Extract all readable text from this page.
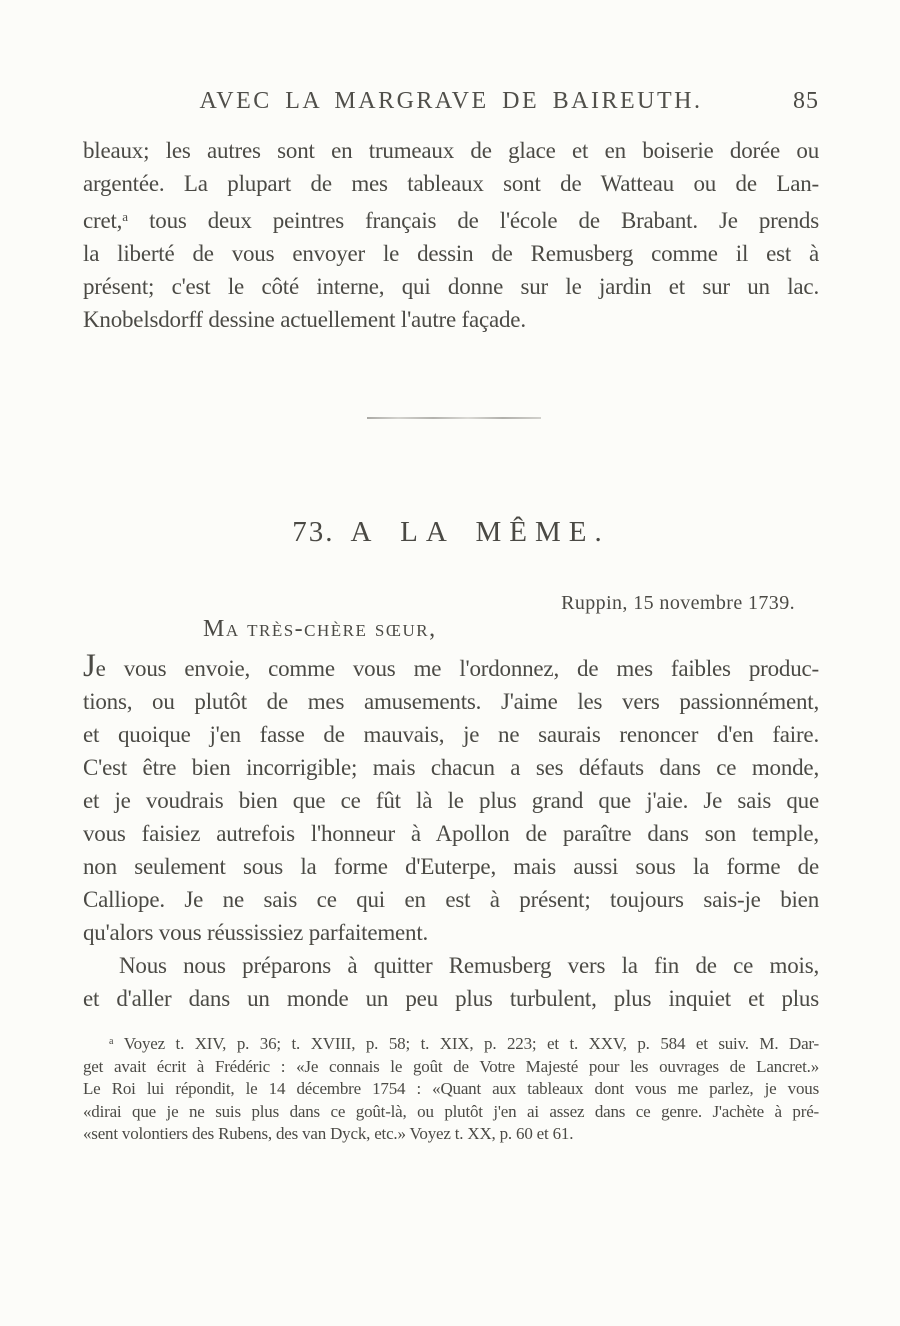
AVEC LA MARGRAVE DE BAIREUTH.	85
bleaux; les autres sont en trumeaux de glace et en boiserie dorée ou
argentée. La plupart de mes tableaux sont de Watteau ou de Lan-
cret,$^a$ tous deux peintres français de l'école de Brabant. Je prends
la liberté de vous envoyer le dessin de Remusberg comme il est à
présent; c'est le côté interne, qui donne sur le jardin et sur un lac.
Knobelsdorff dessine actuellement l'autre façade.
73. A LA MÊME.
Ruppin, 15 novembre 1739.
Ma très-chère sœur,
Je vous envoie, comme vous me l'ordonnez, de mes faibles produc-
tions, ou plutôt de mes amusements. J'aime les vers passionnément,
et quoique j'en fasse de mauvais, je ne saurais renoncer d'en faire.
C'est être bien incorrigible; mais chacun a ses défauts dans ce monde,
et je voudrais bien que ce fût là le plus grand que j'aie. Je sais que
vous faisiez autrefois l'honneur à Apollon de paraître dans son temple,
non seulement sous la forme d'Euterpe, mais aussi sous la forme de
Calliope. Je ne sais ce qui en est à présent; toujours sais-je bien
qu'alors vous réussissiez parfaitement.
Nous nous préparons à quitter Remusberg vers la fin de ce mois,
et d'aller dans un monde un peu plus turbulent, plus inquiet et plus
$^a$ Voyez t. XIV, p. 36; t. XVIII, p. 58; t. XIX, p. 223; et t. XXV, p. 584 et suiv. M. Dar-
get avait écrit à Frédéric : «Je connais le goût de Votre Majesté pour les ouvrages de Lancret.»
Le Roi lui répondit, le 14 décembre 1754 : «Quant aux tableaux dont vous me parlez, je vous
«dirai que je ne suis plus dans ce goût-là, ou plutôt j'en ai assez dans ce genre. J'achète à pré-
«sent volontiers des Rubens, des van Dyck, etc.» Voyez t. XX, p. 60 et 61.
